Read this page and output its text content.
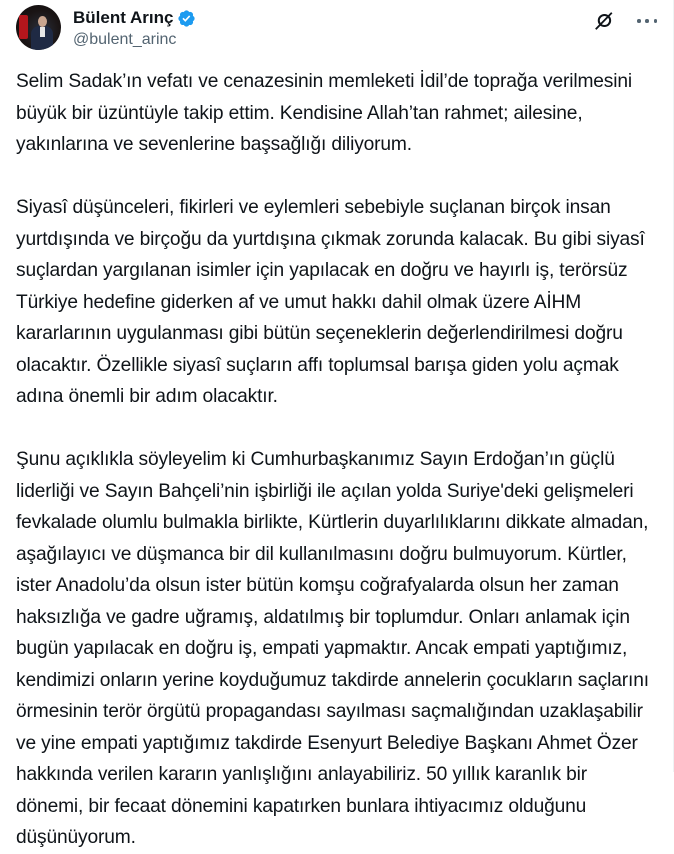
Bülent Arınç
@bulent_arinc

Selim Sadak’ın vefatı ve cenazesinin memleketi İdil’de toprağa verilmesini büyük bir üzüntüyle takip ettim. Kendisine Allah’tan rahmet; ailesine, yakınlarına ve sevenlerine başsağlığı diliyorum.

Siyasî düşünceleri, fikirleri ve eylemleri sebebiyle suçlanan birçok insan yurtdışında ve birçoğu da yurtdışına çıkmak zorunda kalacak. Bu gibi siyasî suçlardan yargılanan isimler için yapılacak en doğru ve hayırlı iş, terörsüz Türkiye hedefine giderken af ve umut hakkı dahil olmak üzere AİHM kararlarının uygulanması gibi bütün seçeneklerin değerlendirilmesi doğru olacaktır. Özellikle siyasî suçların affı toplumsal barışa giden yolu açmak adına önemli bir adım olacaktır.

Şunu açıklıkla söyleyelim ki Cumhurbaşkanımız Sayın Erdoğan’ın güçlü liderliği ve Sayın Bahçeli’nin işbirliği ile açılan yolda Suriye'deki gelişmeleri fevkalade olumlu bulmakla birlikte, Kürtlerin duyarlılıklarını dikkate almadan, aşağılayıcı ve düşmanca bir dil kullanılmasını doğru bulmuyorum. Kürtler, ister Anadolu’da olsun ister bütün komşu coğrafyalarda olsun her zaman haksızlığa ve gadre uğramış, aldatılmış bir toplumdur. Onları anlamak için bugün yapılacak en doğru iş, empati yapmaktır. Ancak empati yaptığımız, kendimizi onların yerine koyduğumuz takdirde annelerin çocukların saçlarını örmesinin terör örgütü propagandası sayılması saçmalığından uzaklaşabilir ve yine empati yaptığımız takdirde Esenyurt Belediye Başkanı Ahmet Özer hakkında verilen kararın yanlışlığını anlayabiliriz. 50 yıllık karanlık bir dönemi, bir fecaat dönemini kapatırken bunlara ihtiyacımız olduğunu düşünüyorum.
